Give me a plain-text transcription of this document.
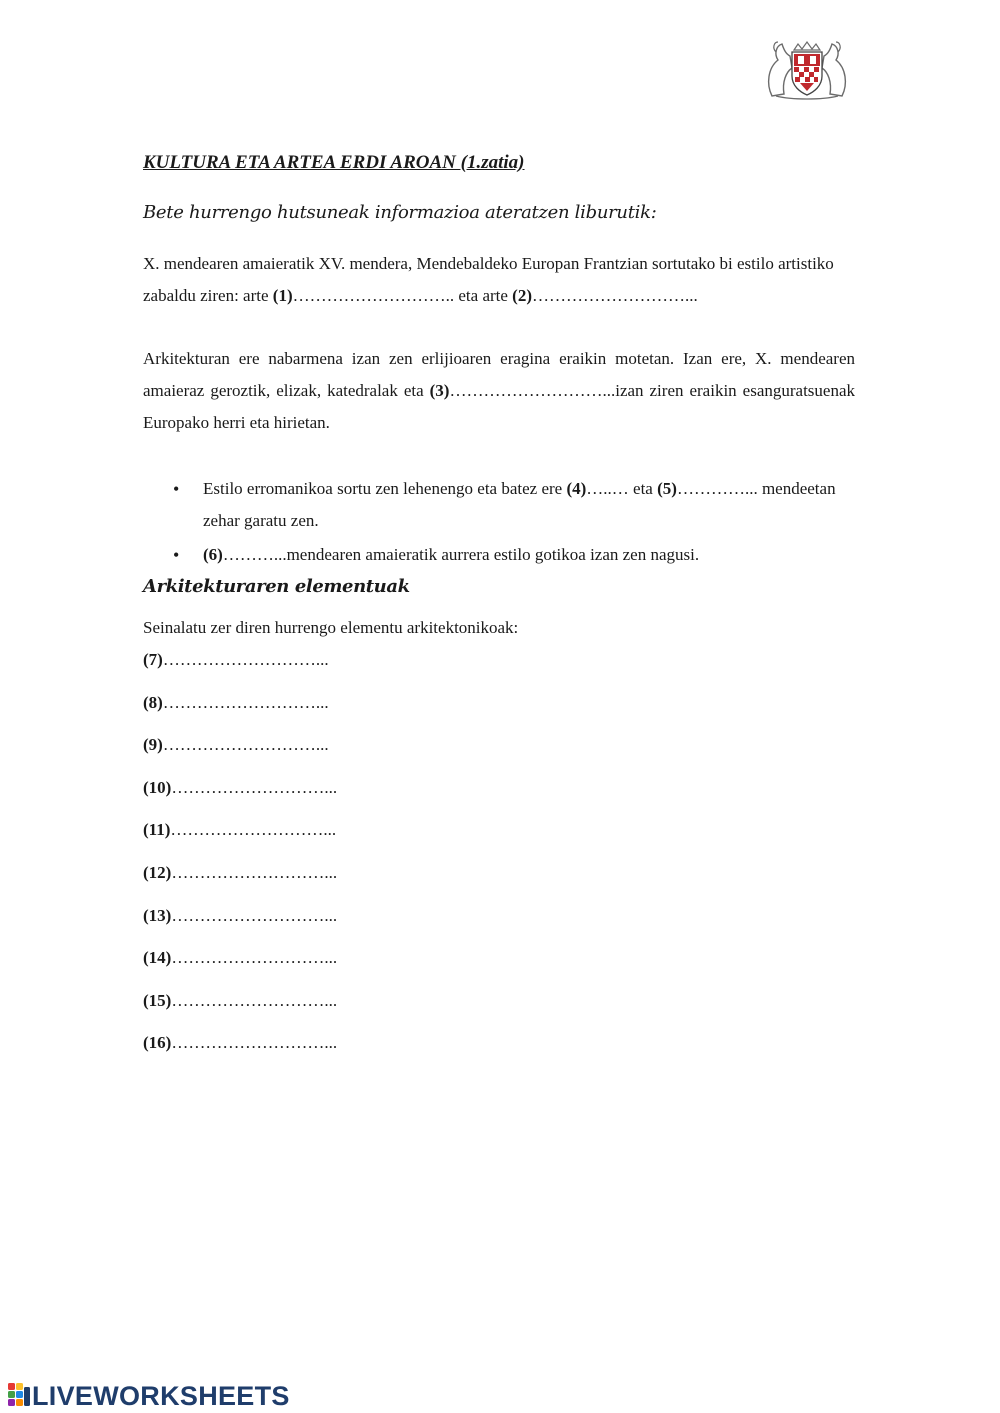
KULTURA ETA ARTEA ERDI AROAN (1.zatia)
Bete hurrengo hutsuneak informazioa ateratzen liburutik:

X. mendearen amaieratik XV. mendera, Mendebaldeko Europan Frantzian sortutako bi estilo artistiko zabaldu ziren: arte (1)……………………….. eta arte (2)………………………...

Arkitekturan ere nabarmena izan zen erlijioaren eragina eraikin motetan. Izan ere, X. mendearen amaieraz geroztik, elizak, katedralak eta (3)………………………...izan ziren eraikin esanguratsuenak Europako herri eta hirietan.

• Estilo erromanikoa sortu zen lehenengo eta batez ere (4)…..… eta (5)…………... mendeetan zehar garatu zen.
• (6)………...mendearen amaieratik aurrera estilo gotikoa izan zen nagusi.
Arkitekturaren elementuak
Seinalatu zer diren hurrengo elementu arkitektonikoak:
(7)………………………...
(8)………………………...
(9)………………………...
(10)………………………...
(11)………………………...
(12)………………………...
(13)………………………...
(14)………………………...
(15)………………………...
(16)………………………...
LIVEWORKSHEETS
